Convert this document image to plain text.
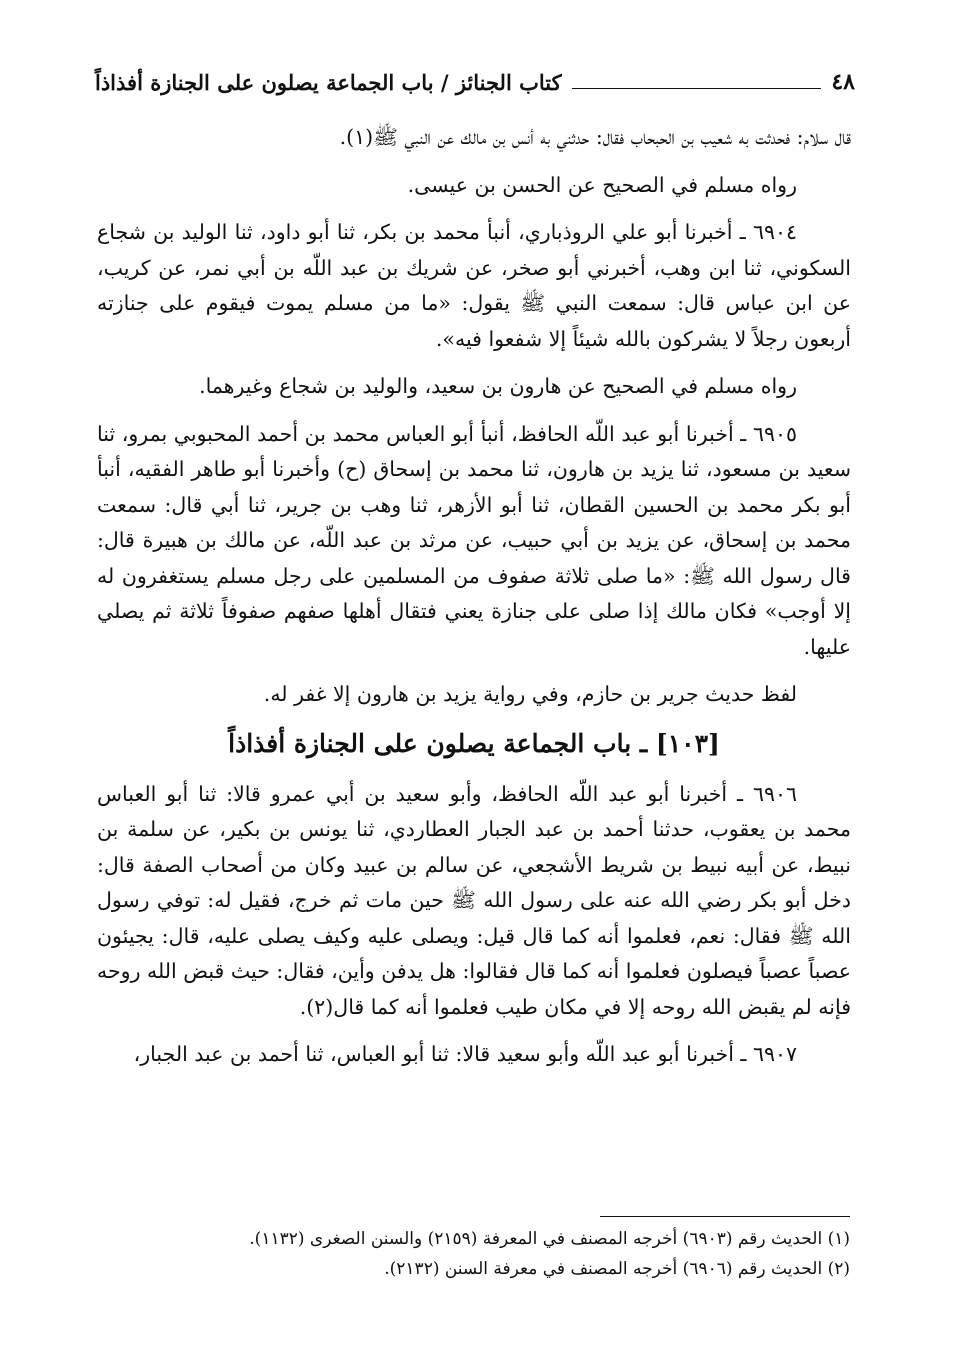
٤٨
كتاب الجنائز / باب الجماعة يصلون على الجنازة أفذاذاً

قال سلام: فحدثت به شعيب بن الحبحاب فقال: حدثني به أنس بن مالك عن النبي ﷺ(١).

رواه مسلم في الصحيح عن الحسن بن عيسى.

٦٩٠٤ ـ أخبرنا أبو علي الروذباري، أنبأ محمد بن بكر، ثنا أبو داود، ثنا الوليد بن شجاع السكوني، ثنا ابن وهب، أخبرني أبو صخر، عن شريك بن عبد اللّه بن أبي نمر، عن كريب، عن ابن عباس قال: سمعت النبي ﷺ يقول: «ما من مسلم يموت فيقوم على جنازته أربعون رجلاً لا يشركون بالله شيئاً إلا شفعوا فيه».

رواه مسلم في الصحيح عن هارون بن سعيد، والوليد بن شجاع وغيرهما.

٦٩٠٥ ـ أخبرنا أبو عبد اللّه الحافظ، أنبأ أبو العباس محمد بن أحمد المحبوبي بمرو، ثنا سعيد بن مسعود، ثنا يزيد بن هارون، ثنا محمد بن إسحاق (ح) وأخبرنا أبو طاهر الفقيه، أنبأ أبو بكر محمد بن الحسين القطان، ثنا أبو الأزهر، ثنا وهب بن جرير، ثنا أبي قال: سمعت محمد بن إسحاق، عن يزيد بن أبي حبيب، عن مرثد بن عبد اللّه، عن مالك بن هبيرة قال: قال رسول الله ﷺ: «ما صلى ثلاثة صفوف من المسلمين على رجل مسلم يستغفرون له إلا أوجب» فكان مالك إذا صلى على جنازة يعني فتقال أهلها صفهم صفوفاً ثلاثة ثم يصلي عليها.

لفظ حديث جرير بن حازم، وفي رواية يزيد بن هارون إلا غفر له.

[١٠٣] ـ باب الجماعة يصلون على الجنازة أفذاذاً

٦٩٠٦ ـ أخبرنا أبو عبد اللّه الحافظ، وأبو سعيد بن أبي عمرو قالا: ثنا أبو العباس محمد بن يعقوب، حدثنا أحمد بن عبد الجبار العطاردي، ثنا يونس بن بكير، عن سلمة بن نبيط، عن أبيه نبيط بن شريط الأشجعي، عن سالم بن عبيد وكان من أصحاب الصفة قال: دخل أبو بكر رضي الله عنه على رسول الله ﷺ حين مات ثم خرج، فقيل له: توفي رسول الله ﷺ فقال: نعم، فعلموا أنه كما قال قيل: ويصلى عليه وكيف يصلى عليه، قال: يجيئون عصباً عصباً فيصلون فعلموا أنه كما قال فقالوا: هل يدفن وأين، فقال: حيث قبض الله روحه فإنه لم يقبض الله روحه إلا في مكان طيب فعلموا أنه كما قال(٢).

٦٩٠٧ ـ أخبرنا أبو عبد اللّه وأبو سعيد قالا: ثنا أبو العباس، ثنا أحمد بن عبد الجبار،

(١) الحديث رقم (٦٩٠٣) أخرجه المصنف في المعرفة (٢١٥٩) والسنن الصغرى (١١٣٢).
(٢) الحديث رقم (٦٩٠٦) أخرجه المصنف في معرفة السنن (٢١٣٢).
